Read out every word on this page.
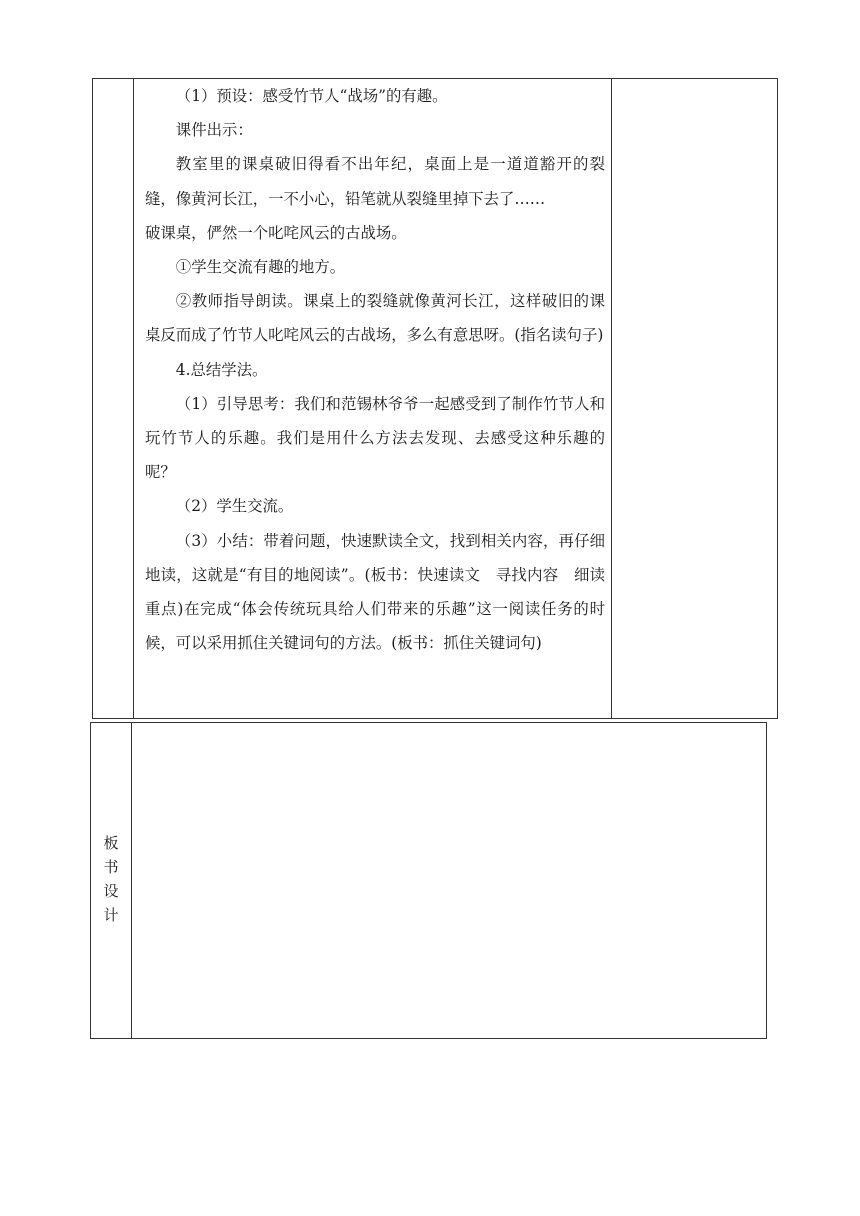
（1）预设：感受竹节人“战场”的有趣。

课件出示：

教室里的课桌破旧得看不出年纪，桌面上是一道道豁开的裂缝，像黄河长江，一不小心，铅笔就从裂缝里掉下去了……

破课桌，俨然一个叱咤风云的古战场。

①学生交流有趣的地方。

②教师指导朗读。课桌上的裂缝就像黄河长江，这样破旧的课桌反而成了竹节人叱咤风云的古战场，多么有意思呀。(指名读句子)

4.总结学法。

（1）引导思考：我们和范锡林爷爷一起感受到了制作竹节人和玩竹节人的乐趣。我们是用什么方法去发现、去感受这种乐趣的呢？

（2）学生交流。

（3）小结：带着问题，快速默读全文，找到相关内容，再仔细地读，这就是“有目的地阅读”。(板书：快速读文　寻找内容　细读重点)在完成“体会传统玩具给人们带来的乐趣”这一阅读任务的时候，可以采用抓住关键词句的方法。(板书：抓住关键词句)

板
书
设
计
